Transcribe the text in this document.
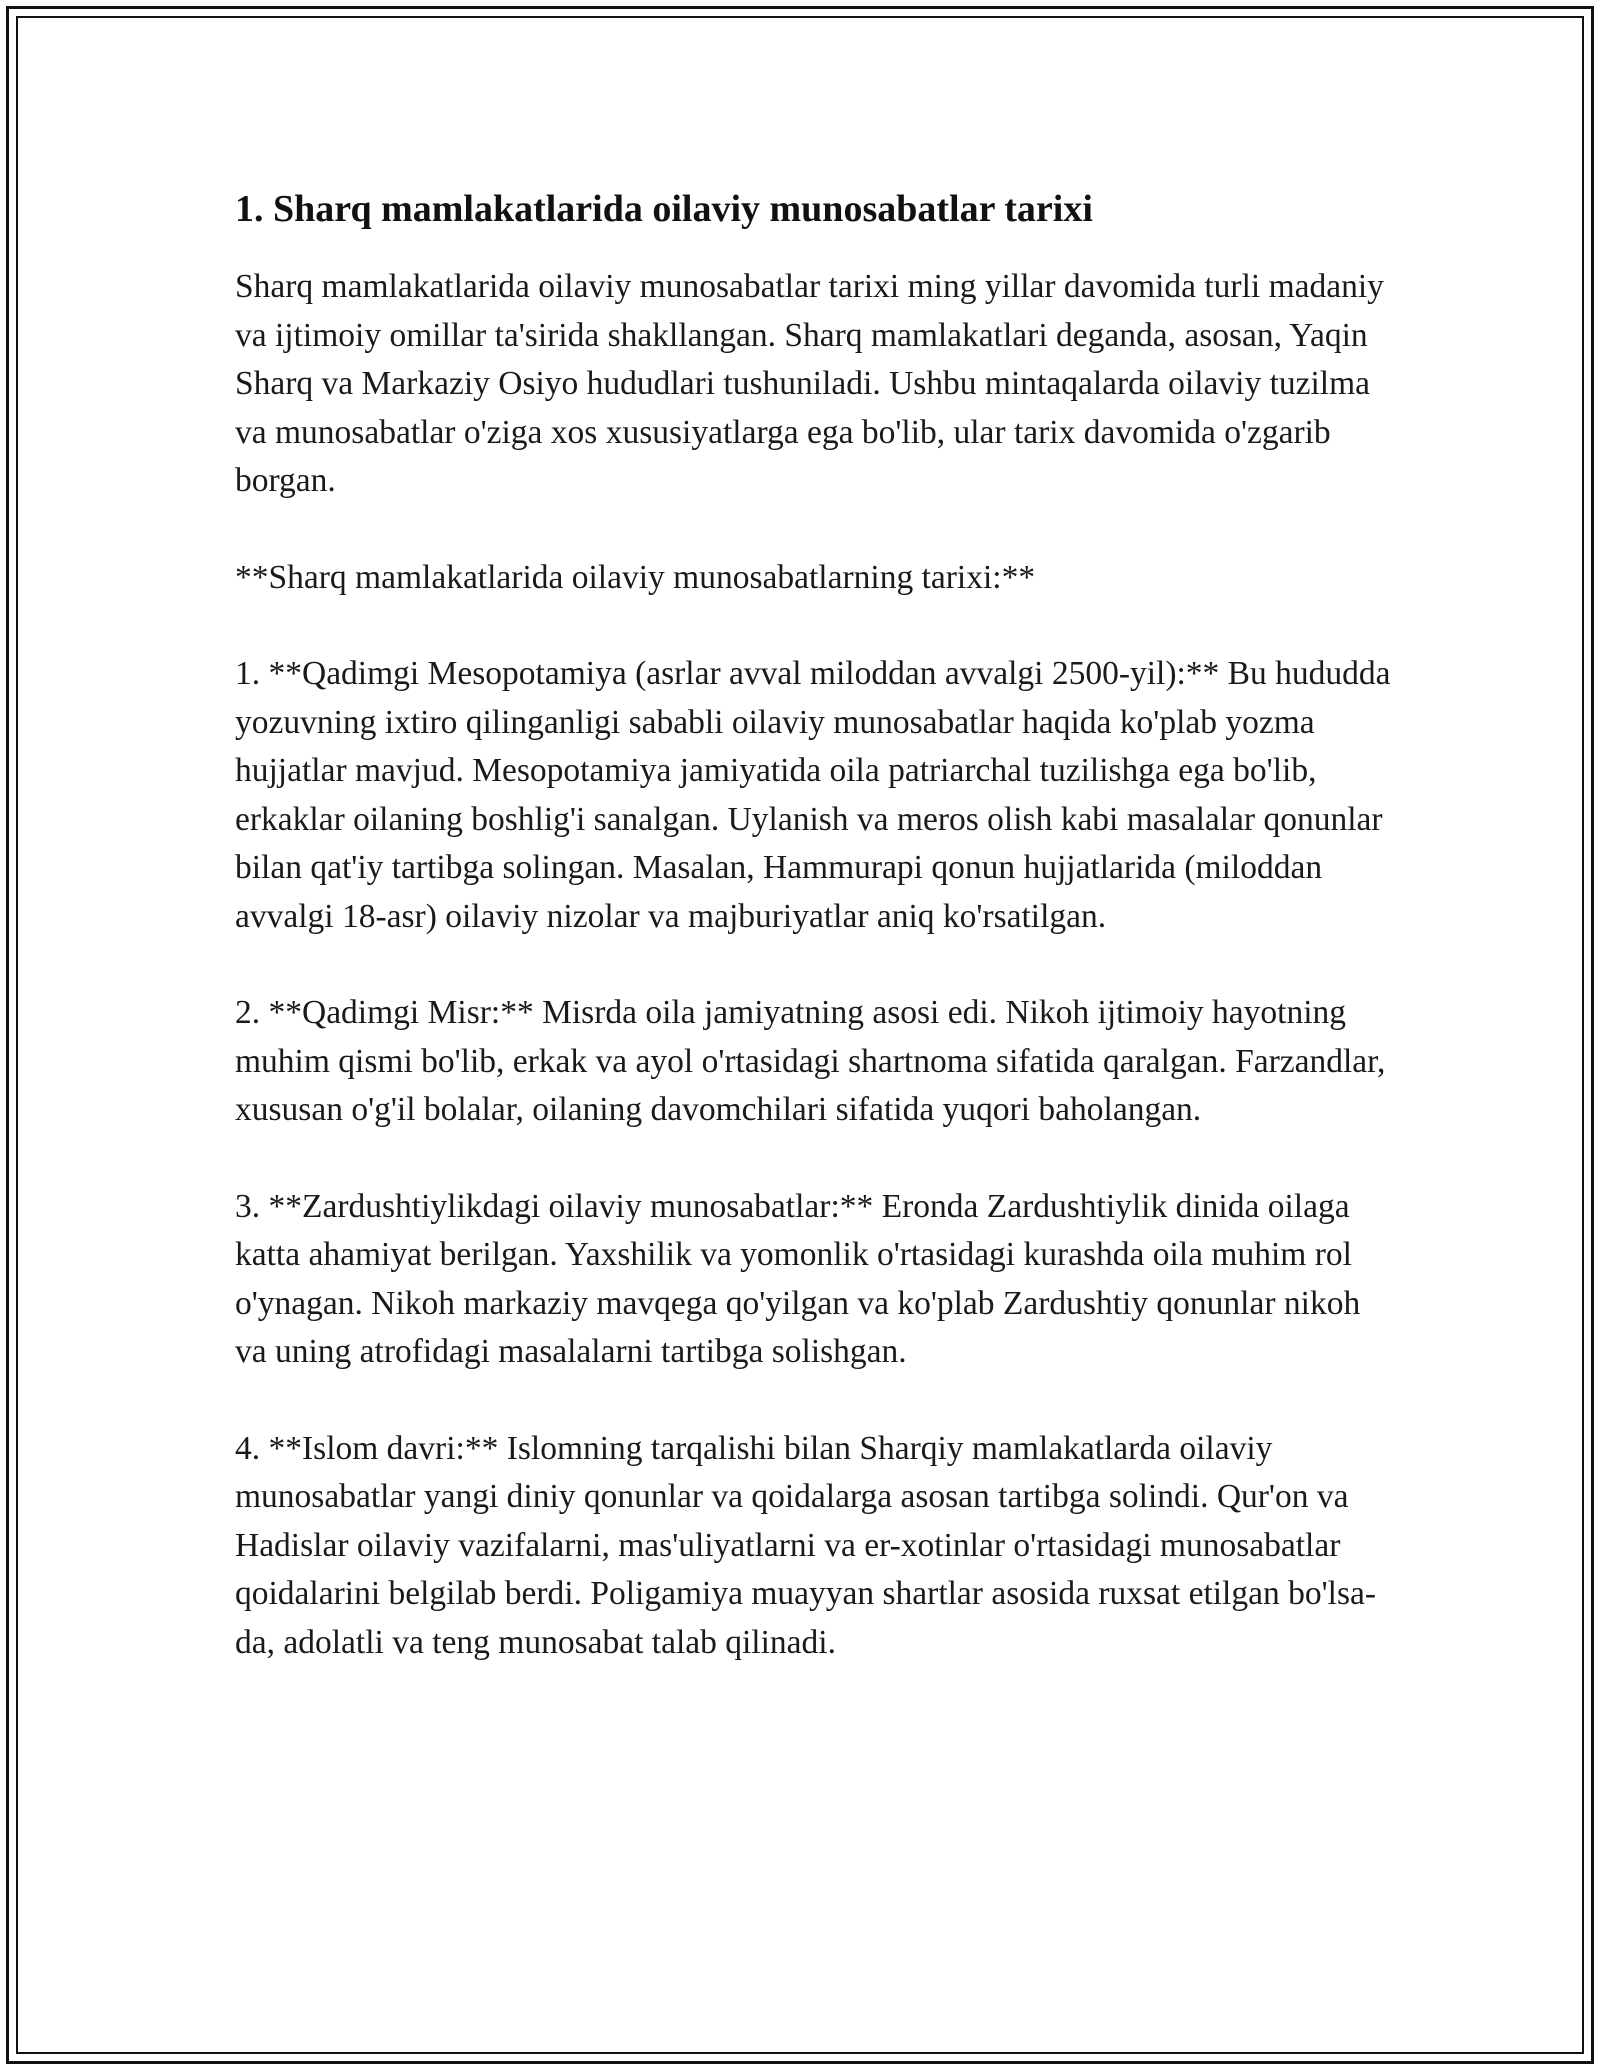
1. Sharq mamlakatlarida oilaviy munosabatlar tarixi

Sharq mamlakatlarida oilaviy munosabatlar tarixi ming yillar davomida turli madaniy va ijtimoiy omillar ta'sirida shakllangan. Sharq mamlakatlari deganda, asosan, Yaqin Sharq va Markaziy Osiyo hududlari tushuniladi. Ushbu mintaqalarda oilaviy tuzilma va munosabatlar o'ziga xos xususiyatlarga ega bo'lib, ular tarix davomida o'zgarib borgan.

**Sharq mamlakatlarida oilaviy munosabatlarning tarixi:**

1. **Qadimgi Mesopotamiya (asrlar avval miloddan avvalgi 2500-yil):** Bu hududda yozuvning ixtiro qilinganligi sababli oilaviy munosabatlar haqida ko'plab yozma hujjatlar mavjud. Mesopotamiya jamiyatida oila patriarchal tuzilishga ega bo'lib, erkaklar oilaning boshlig'i sanalgan. Uylanish va meros olish kabi masalalar qonunlar bilan qat'iy tartibga solingan. Masalan, Hammurapi qonun hujjatlarida (miloddan avvalgi 18-asr) oilaviy nizolar va majburiyatlar aniq ko'rsatilgan.

2. **Qadimgi Misr:** Misrda oila jamiyatning asosi edi. Nikoh ijtimoiy hayotning muhim qismi bo'lib, erkak va ayol o'rtasidagi shartnoma sifatida qaralgan. Farzandlar, xususan o'g'il bolalar, oilaning davomchilari sifatida yuqori baholangan.

3. **Zardushtiylikdagi oilaviy munosabatlar:** Eronda Zardushtiylik dinida oilaga katta ahamiyat berilgan. Yaxshilik va yomonlik o'rtasidagi kurashda oila muhim rol o'ynagan. Nikoh markaziy mavqega qo'yilgan va ko'plab Zardushtiy qonunlar nikoh va uning atrofidagi masalalarni tartibga solishgan.

4. **Islom davri:** Islomning tarqalishi bilan Sharqiy mamlakatlarda oilaviy munosabatlar yangi diniy qonunlar va qoidalarga asosan tartibga solindi. Qur'on va Hadislar oilaviy vazifalarni, mas'uliyatlarni va er-xotinlar o'rtasidagi munosabatlar qoidalarini belgilab berdi. Poligamiya muayyan shartlar asosida ruxsat etilgan bo'lsa-da, adolatli va teng munosabat talab qilinadi.
